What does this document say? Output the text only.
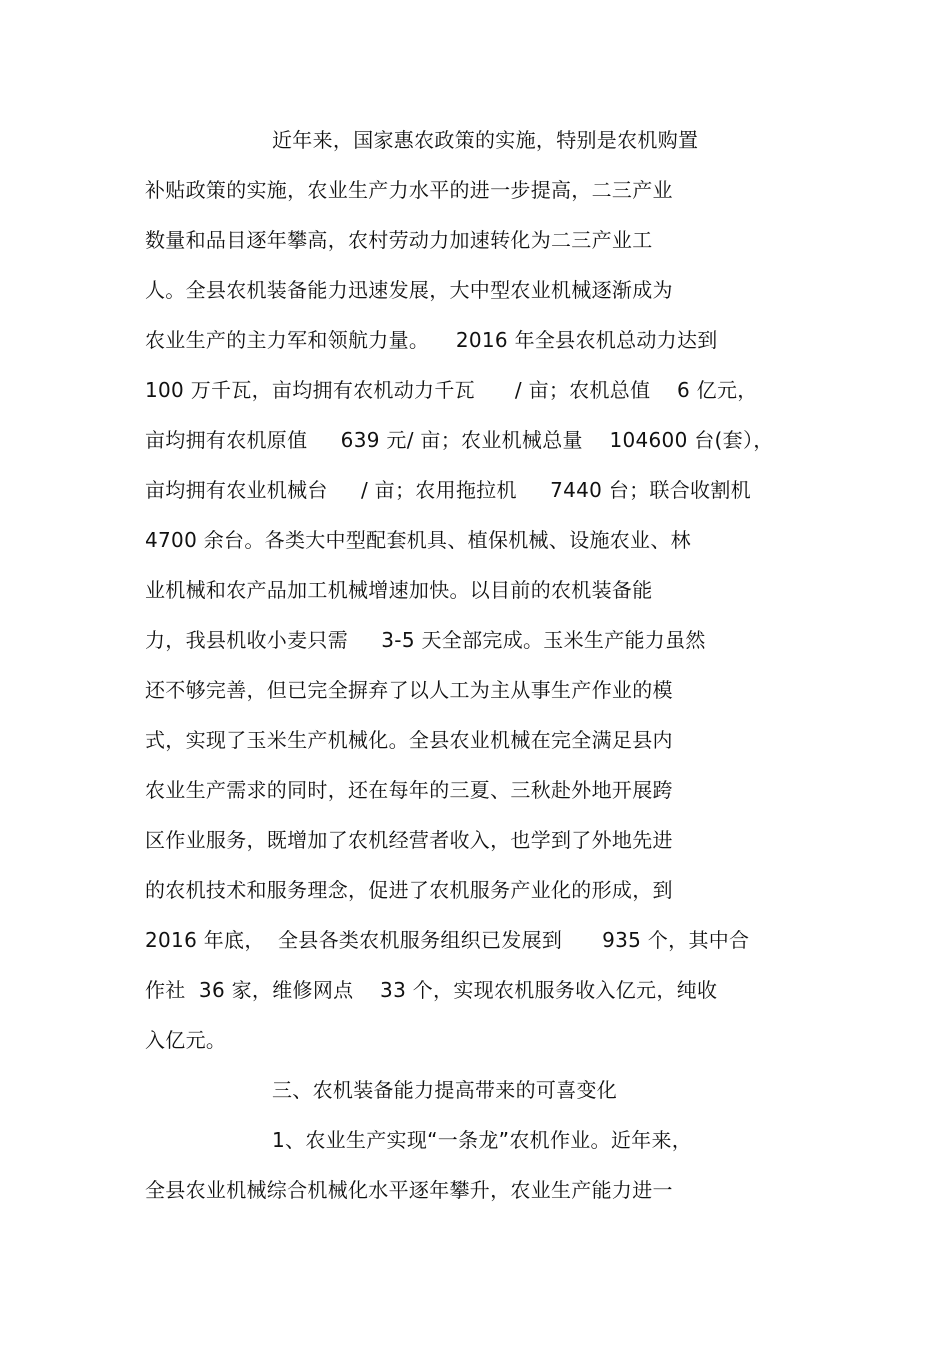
近年来，国家惠农政策的实施，特别是农机购置
补贴政策的实施，农业生产力水平的进一步提高，二三产业
数量和品目逐年攀高，农村劳动力加速转化为二三产业工
人。全县农机装备能力迅速发展，大中型农业机械逐渐成为
农业生产的主力军和领航力量。    2016 年全县农机总动力达到
100 万千瓦，亩均拥有农机动力千瓦      / 亩；农机总值    6 亿元，
亩均拥有农机原值     639 元/ 亩；农业机械总量    104600 台(套），
亩均拥有农业机械台     / 亩；农用拖拉机     7440 台；联合收割机
4700 余台。各类大中型配套机具、植保机械、设施农业、林
业机械和农产品加工机械增速加快。以目前的农机装备能
力，我县机收小麦只需     3-5 天全部完成。玉米生产能力虽然
还不够完善，但已完全摒弃了以人工为主从事生产作业的模
式，实现了玉米生产机械化。全县农业机械在完全满足县内
农业生产需求的同时，还在每年的三夏、三秋赴外地开展跨
区作业服务，既增加了农机经营者收入，也学到了外地先进
的农机技术和服务理念，促进了农机服务产业化的形成，到
2016 年底，  全县各类农机服务组织已发展到      935 个，其中合
作社  36 家，维修网点    33 个，实现农机服务收入亿元，纯收
入亿元。
三、农机装备能力提高带来的可喜变化
1、农业生产实现“一条龙”农机作业。近年来，
全县农业机械综合机械化水平逐年攀升，农业生产能力进一
